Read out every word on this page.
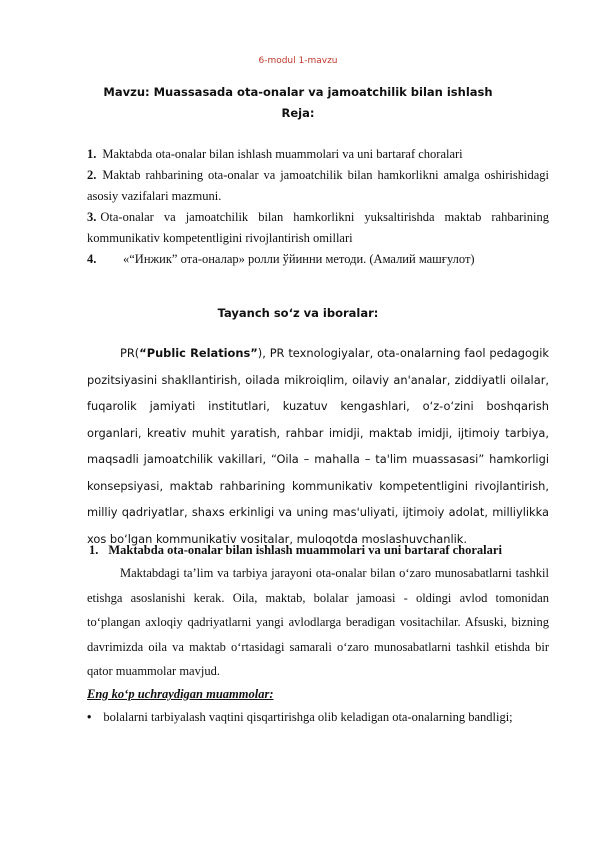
6-modul 1-mavzu
Mavzu: Muassasada ota-onalar va jamoatchilik bilan ishlash
Reja:
1. Maktabda ota-onalar bilan ishlash muammolari va uni bartaraf choralari
2. Maktab rahbarining ota-onalar va jamoatchilik bilan hamkorlikni amalga oshirishidagi asosiy vazifalari mazmuni.
3. Ota-onalar va jamoatchilik bilan hamkorlikni yuksaltirishda maktab rahbarining kommunikativ kompetentligini rivojlantirish omillari
4.	«“Инжик” ота-оналар» ролли ўйинни методи. (Амалий машғулот)
Tayanch so‘z va iboralar:
PR(“Public Relations”), PR texnologiyalar, ota-onalarning faol pedagogik pozitsiyasini shakllantirish, oilada mikroiqlim, oilaviy an'analar, ziddiyatli oilalar, fuqarolik jamiyati institutlari, kuzatuv kengashlari, o‘z-o‘zini boshqarish organlari, kreativ muhit yaratish, rahbar imidji, maktab imidji, ijtimoiy tarbiya, maqsadli jamoatchilik vakillari, “Oila – mahalla – ta'lim muassasasi” hamkorligi konsepsiyasi, maktab rahbarining kommunikativ kompetentligini rivojlantirish, milliy qadriyatlar, shaxs erkinligi va uning mas'uliyati, ijtimoiy adolat, milliylikka xos bo‘lgan kommunikativ vositalar, muloqotda moslashuvchanlik.
1. Maktabda ota-onalar bilan ishlash muammolari va uni bartaraf choralari
Maktabdagi ta’lim va tarbiya jarayoni ota-onalar bilan o‘zaro munosabatlarni tashkil etishga asoslanishi kerak. Oila, maktab, bolalar jamoasi - oldingi avlod tomonidan to‘plangan axloqiy qadriyatlarni yangi avlodlarga beradigan vositachilar. Afsuski, bizning davrimizda oila va maktab o‘rtasidagi samarali o‘zaro munosabatlarni tashkil etishda bir qator muammolar mavjud.
Eng ko‘p uchraydigan muammolar:
• bolalarni tarbiyalash vaqtini qisqartirishga olib keladigan ota-onalarning bandligi;
